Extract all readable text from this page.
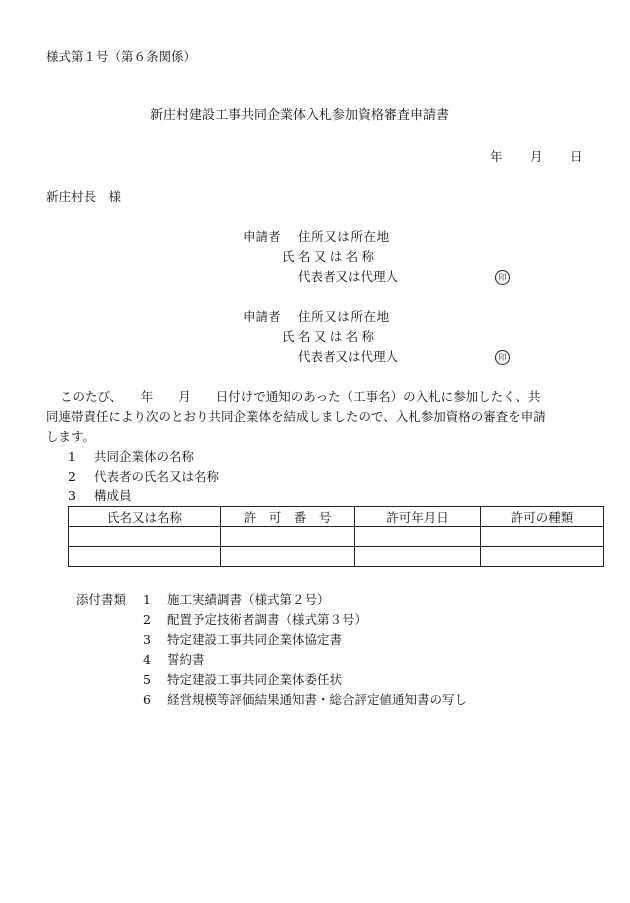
様式第１号（第６条関係）
新庄村建設工事共同企業体入札参加資格審査申請書
年 月 日
新庄村長　様
申請者 住所又は所在地
氏名又は名称
代表者又は代理人	印
申請者 住所又は所在地
氏名又は名称
代表者又は代理人	印
このたび、　　年　　月　　日付けで通知のあった（工事名）の入札に参加したく、共
同連帯責任により次のとおり共同企業体を結成しましたので、入札参加資格の審査を申請
します。
1 共同企業体の名称
2 代表者の氏名又は名称
3 構成員
氏名又は名称	許　可　番　号	許可年月日	許可の種類

添付書類 1 施工実績調書（様式第２号）
2 配置予定技術者調書（様式第３号）
3 特定建設工事共同企業体協定書
4 誓約書
5 特定建設工事共同企業体委任状
6 経営規模等評価結果通知書・総合評定値通知書の写し
